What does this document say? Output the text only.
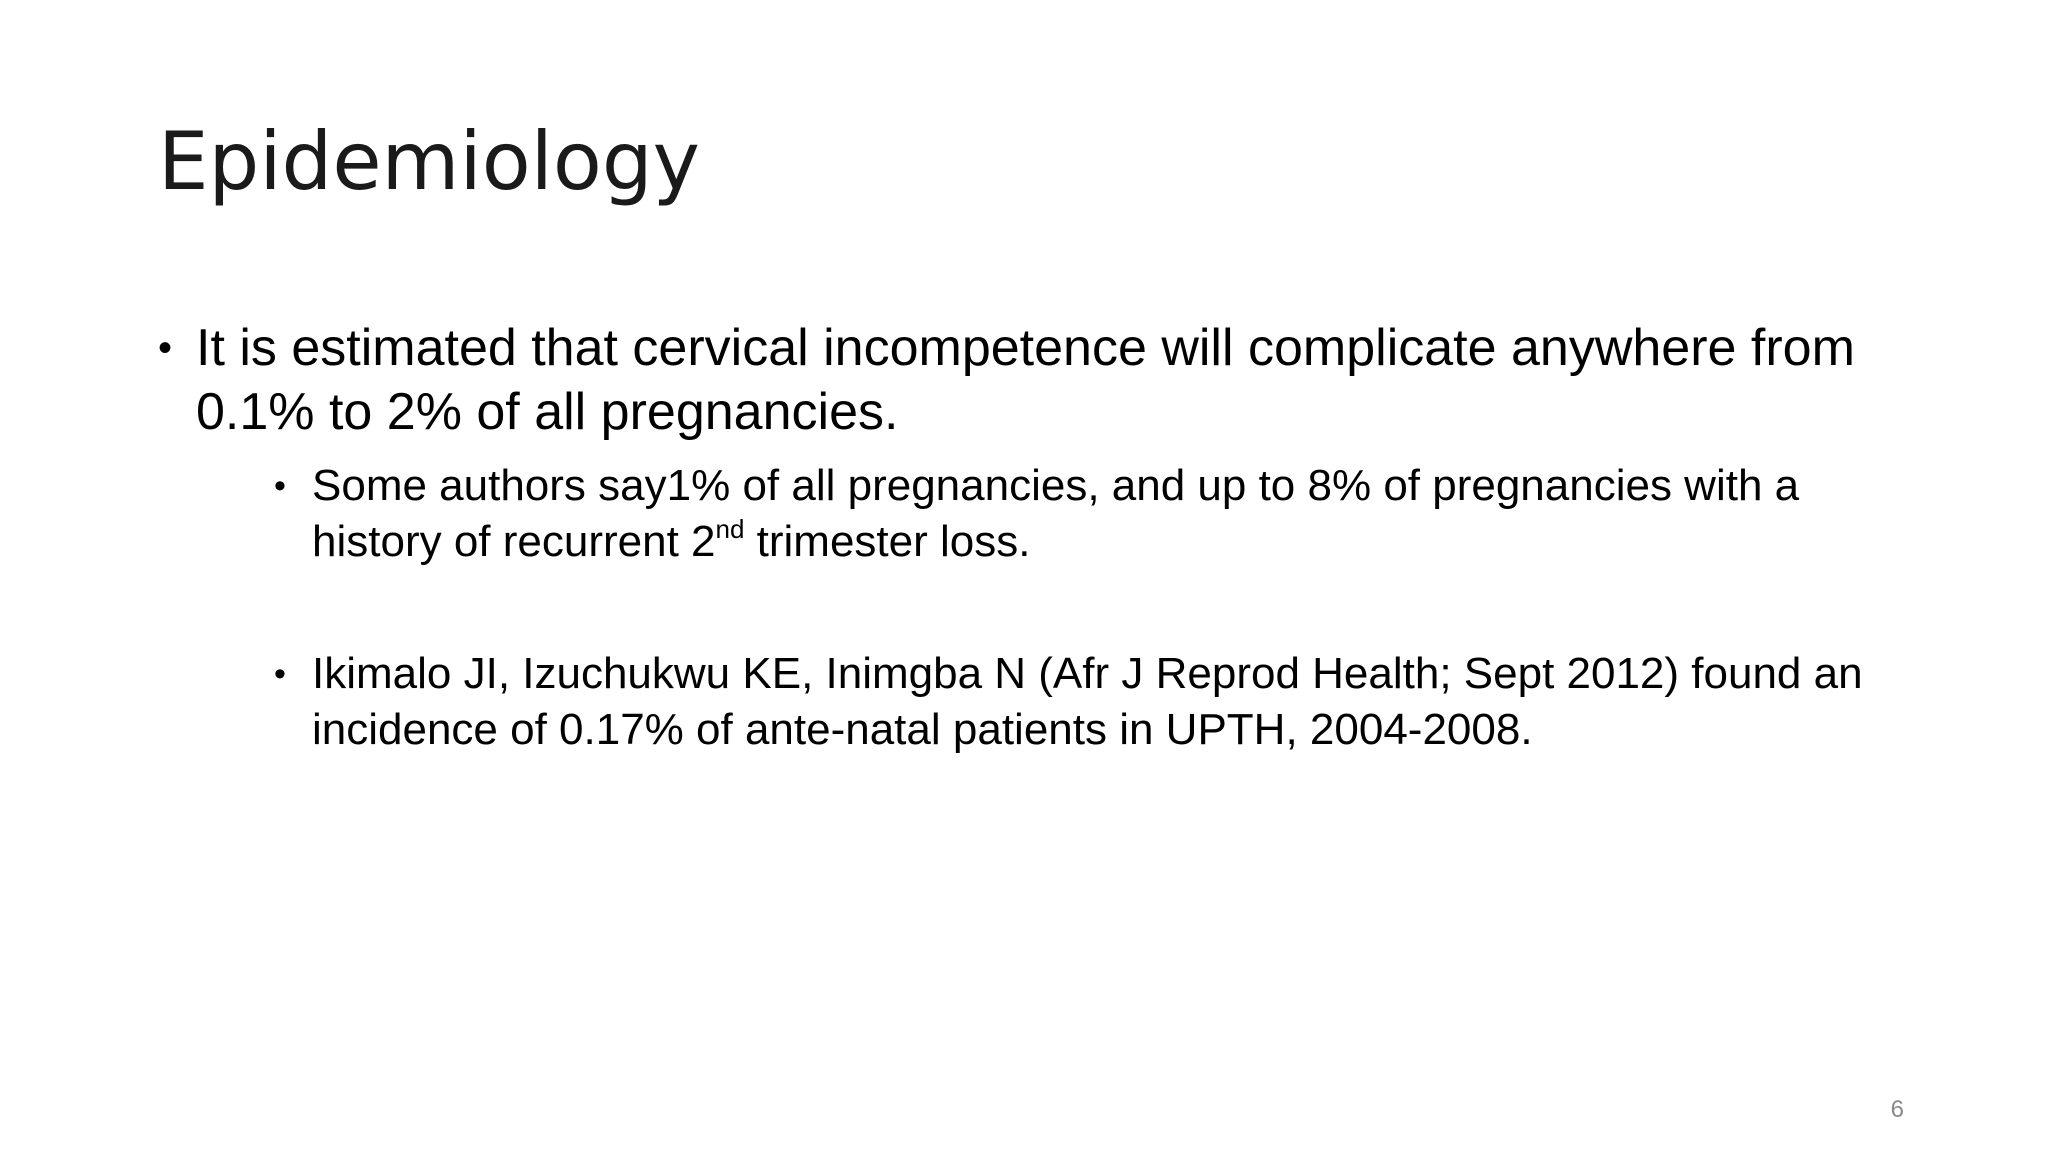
Epidemiology
• It is estimated that cervical incompetence will complicate anywhere from 0.1% to 2% of all pregnancies.
• Some authors say1% of all pregnancies, and up to 8% of pregnancies with a history of recurrent 2nd trimester loss.
• Ikimalo JI, Izuchukwu KE, Inimgba N (Afr J Reprod Health; Sept 2012) found an incidence of 0.17% of ante-natal patients in UPTH, 2004-2008.
6
